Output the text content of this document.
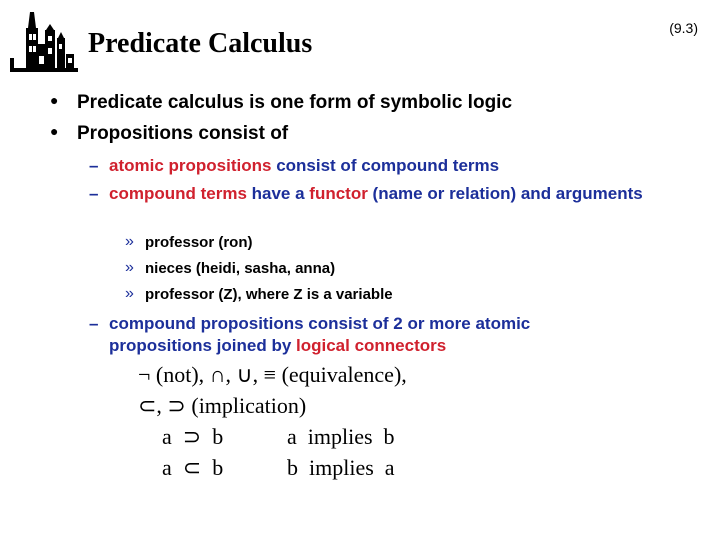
Predicate Calculus	(9.3)
● Predicate calculus is one form of symbolic logic
● Propositions consist of
– atomic propositions consist of compound terms
– compound terms have a functor (name or relation) and arguments
» professor (ron)
» nieces (heidi, sasha, anna)
» professor (Z), where Z is a variable
– compound propositions consist of 2 or more atomic propositions joined by logical connectors
¬ (not), ∩, ∪, ≡ (equivalence),
⊂, ⊃ (implication)
a  ⊃  b	a  implies  b
a  ⊂  b	b  implies  a
